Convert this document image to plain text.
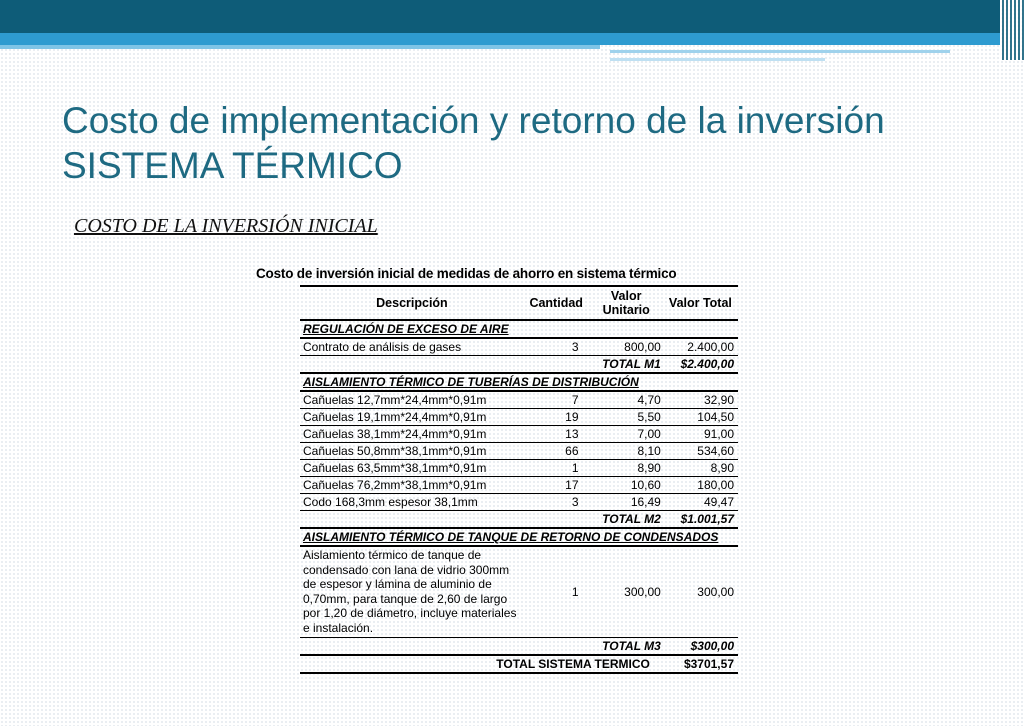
Costo de implementación y retorno de la inversión
SISTEMA TÉRMICO

COSTO DE LA INVERSIÓN INICIAL

Costo de inversión inicial de medidas de ahorro en sistema térmico

Descripción	Cantidad	Valor Unitario	Valor Total
REGULACIÓN DE EXCESO DE AIRE			
Contrato de análisis de gases	3	800,00	2.400,00
		TOTAL M1	$2.400,00
AISLAMIENTO TÉRMICO DE TUBERÍAS DE DISTRIBUCIÓN			
Cañuelas 12,7mm*24,4mm*0,91m	7	4,70	32,90
Cañuelas 19,1mm*24,4mm*0,91m	19	5,50	104,50
Cañuelas 38,1mm*24,4mm*0,91m	13	7,00	91,00
Cañuelas 50,8mm*38,1mm*0,91m	66	8,10	534,60
Cañuelas 63,5mm*38,1mm*0,91m	1	8,90	8,90
Cañuelas 76,2mm*38,1mm*0,91m	17	10,60	180,00
Codo 168,3mm espesor 38,1mm	3	16,49	49,47
		TOTAL M2	$1.001,57
AISLAMIENTO TÉRMICO DE TANQUE DE RETORNO DE CONDENSADOS			
Aislamiento térmico de tanque de condensado con lana de vidrio 300mm de espesor y lámina de aluminio de 0,70mm, para tanque de 2,60 de largo por 1,20 de diámetro, incluye materiales e instalación.	1	300,00	300,00
		TOTAL M3	$300,00
TOTAL SISTEMA TERMICO			$3701,57
